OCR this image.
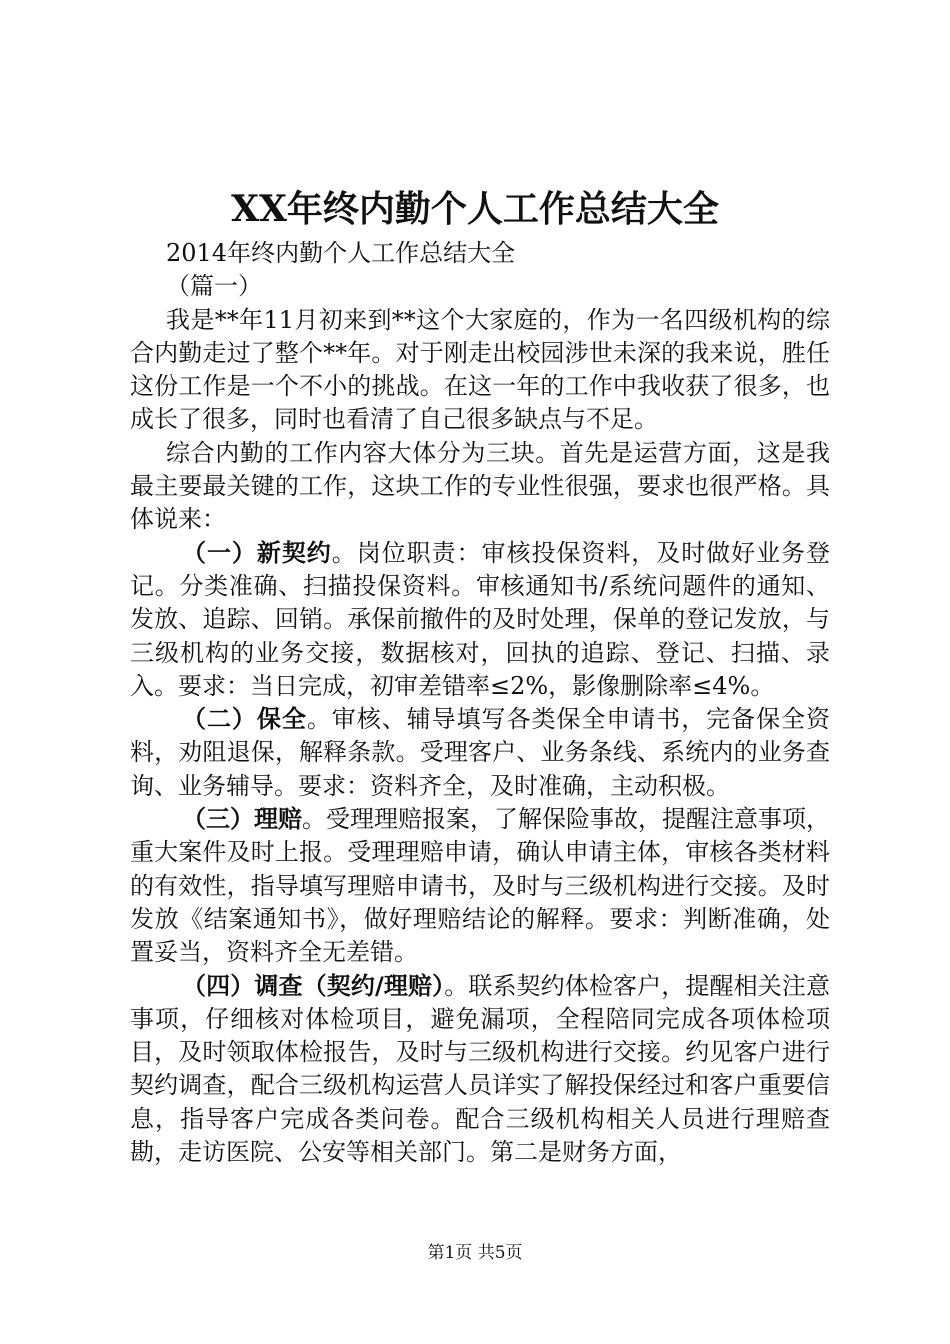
XX年终内勤个人工作总结大全

2014年终内勤个人工作总结大全

（篇一）

我是**年11月初来到**这个大家庭的，作为一名四级机构的综合内勤走过了整个**年。对于刚走出校园涉世未深的我来说，胜任这份工作是一个不小的挑战。在这一年的工作中我收获了很多，也成长了很多，同时也看清了自己很多缺点与不足。

综合内勤的工作内容大体分为三块。首先是运营方面，这是我最主要最关键的工作，这块工作的专业性很强，要求也很严格。具体说来：

（一）新契约。岗位职责：审核投保资料，及时做好业务登记。分类准确、扫描投保资料。审核通知书/系统问题件的通知、发放、追踪、回销。承保前撤件的及时处理，保单的登记发放，与三级机构的业务交接，数据核对，回执的追踪、登记、扫描、录入。要求：当日完成，初审差错率≤2%，影像删除率≤4%。

（二）保全。审核、辅导填写各类保全申请书，完备保全资料，劝阻退保，解释条款。受理客户、业务条线、系统内的业务查询、业务辅导。要求：资料齐全，及时准确，主动积极。

（三）理赔。受理理赔报案，了解保险事故，提醒注意事项，重大案件及时上报。受理理赔申请，确认申请主体，审核各类材料的有效性，指导填写理赔申请书，及时与三级机构进行交接。及时发放《结案通知书》，做好理赔结论的解释。要求：判断准确，处置妥当，资料齐全无差错。

（四）调查（契约/理赔）。联系契约体检客户，提醒相关注意事项，仔细核对体检项目，避免漏项，全程陪同完成各项体检项目，及时领取体检报告，及时与三级机构进行交接。约见客户进行契约调查，配合三级机构运营人员详实了解投保经过和客户重要信息，指导客户完成各类问卷。配合三级机构相关人员进行理赔查勘，走访医院、公安等相关部门。第二是财务方面，

第1页 共5页
